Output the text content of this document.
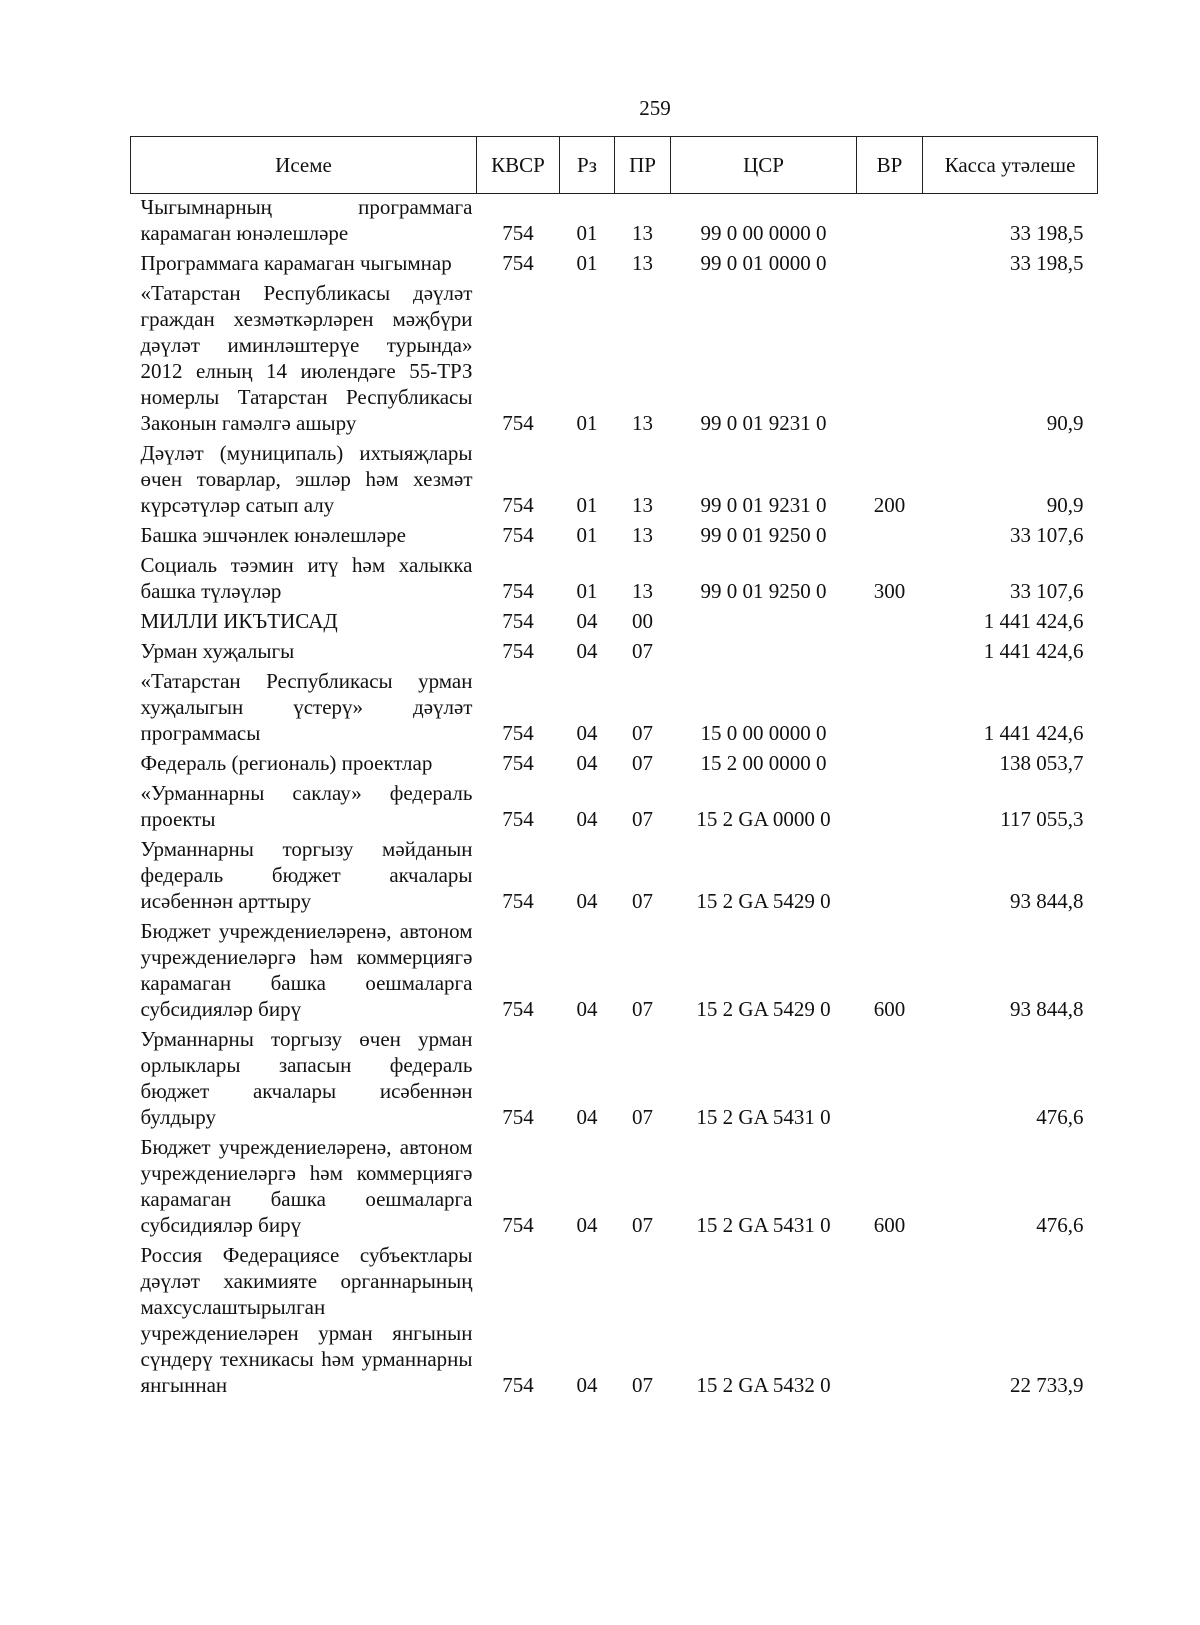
259
Исеме	КВСР	Рз	ПР	ЦСР	ВР	Касса утәлеше
Чыгымнарның программага карамаган юнәлешләре	754	01	13	99 0 00 0000 0		33 198,5
Программага карамаган чыгымнар	754	01	13	99 0 01 0000 0		33 198,5
«Татарстан Республикасы дәүләт граждан хезмәткәрләрен мәҗбүри дәүләт иминләштерүе турында» 2012 елның 14 июлендәге 55-ТРЗ номерлы Татарстан Республикасы Законын гамәлгә ашыру	754	01	13	99 0 01 9231 0		90,9
Дәүләт (муниципаль) ихтыяҗлары өчен товарлар, эшләр һәм хезмәт күрсәтүләр сатып алу	754	01	13	99 0 01 9231 0	200	90,9
Башка эшчәнлек юнәлешләре	754	01	13	99 0 01 9250 0		33 107,6
Социаль тәэмин итү һәм халыкка башка түләүләр	754	01	13	99 0 01 9250 0	300	33 107,6
МИЛЛИ ИКЪТИСАД	754	04	00			1 441 424,6
Урман хуҗалыгы	754	04	07			1 441 424,6
«Татарстан Республикасы урман хуҗалыгын үстерү» дәүләт программасы	754	04	07	15 0 00 0000 0		1 441 424,6
Федераль (региональ) проектлар	754	04	07	15 2 00 0000 0		138 053,7
«Урманнарны саклау» федераль проекты	754	04	07	15 2 GA 0000 0		117 055,3
Урманнарны торгызу мәйданын федераль бюджет акчалары исәбеннән арттыру	754	04	07	15 2 GA 5429 0		93 844,8
Бюджет учреждениеләренә, автоном учреждениеләргә һәм коммерциягә карамаган башка оешмаларга субсидияләр бирү	754	04	07	15 2 GA 5429 0	600	93 844,8
Урманнарны торгызу өчен урман орлыклары запасын федераль бюджет акчалары исәбеннән булдыру	754	04	07	15 2 GA 5431 0		476,6
Бюджет учреждениеләренә, автоном учреждениеләргә һәм коммерциягә карамаган башка оешмаларга субсидияләр бирү	754	04	07	15 2 GA 5431 0	600	476,6
Россия Федерациясе субъектлары дәүләт хакимияте органнарының махсуслаштырылган учреждениеләрен урман янгынын сүндерү техникасы һәм урманнарны янгыннан	754	04	07	15 2 GA 5432 0		22 733,9
